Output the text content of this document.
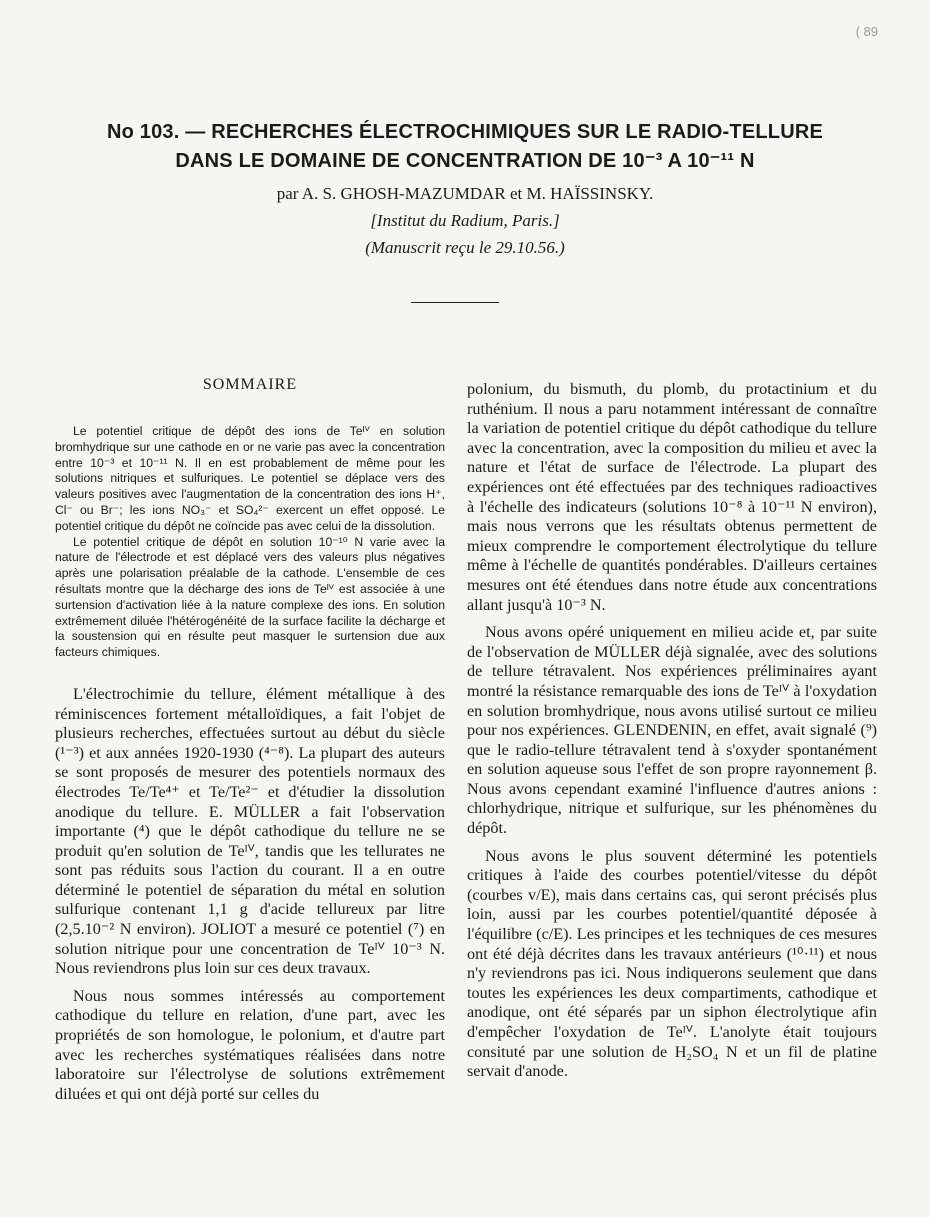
( 89
No 103. — RECHERCHES ÉLECTROCHIMIQUES SUR LE RADIO-TELLURE
DANS LE DOMAINE DE CONCENTRATION DE 10⁻³ A 10⁻¹¹ N
par A. S. GHOSH-MAZUMDAR et M. HAÏSSINSKY.
[Institut du Radium, Paris.]
(Manuscrit reçu le 29.10.56.)
SOMMAIRE

Le potentiel critique de dépôt des ions de Teᴵⱽ en solution bromhydrique sur une cathode en or ne varie pas avec la concentration entre 10⁻³ et 10⁻¹¹ N. Il en est probablement de même pour les solutions nitriques et sulfuriques. Le potentiel se déplace vers des valeurs positives avec l'augmentation de la concentration des ions H⁺, Cl⁻ ou Br⁻; les ions NO₃⁻ et SO₄²⁻ exercent un effet opposé. Le potentiel critique du dépôt ne coïncide pas avec celui de la dissolution.

Le potentiel critique de dépôt en solution 10⁻¹⁰ N varie avec la nature de l'électrode et est déplacé vers des valeurs plus négatives après une polarisation préalable de la cathode. L'ensemble de ces résultats montre que la décharge des ions de Teᴵⱽ est associée à une surtension d'activation liée à la nature complexe des ions. En solution extrêmement diluée l'hétérogénéité de la surface facilite la décharge et la soustension qui en résulte peut masquer le surtension due aux facteurs chimiques.

L'électrochimie du tellure, élément métallique à des réminiscences fortement métalloïdiques, a fait l'objet de plusieurs recherches, effectuées surtout au début du siècle (¹⁻³) et aux années 1920-1930 (⁴⁻⁸). La plupart des auteurs se sont proposés de mesurer des potentiels normaux des électrodes Te/Te⁴⁺ et Te/Te²⁻ et d'étudier la dissolution anodique du tellure. E. MÜLLER a fait l'observation importante (⁴) que le dépôt cathodique du tellure ne se produit qu'en solution de Teᴵⱽ, tandis que les tellurates ne sont pas réduits sous l'action du courant. Il a en outre déterminé le potentiel de séparation du métal en solution sulfurique contenant 1,1 g d'acide tellureux par litre (2,5.10⁻² N environ). JOLIOT a mesuré ce potentiel (⁷) en solution nitrique pour une concentration de Teᴵⱽ 10⁻³ N. Nous reviendrons plus loin sur ces deux travaux.

Nous nous sommes intéressés au comportement cathodique du tellure en relation, d'une part, avec les propriétés de son homologue, le polonium, et d'autre part avec les recherches systématiques réalisées dans notre laboratoire sur l'électrolyse de solutions extrêmement diluées et qui ont déjà porté sur celles du

polonium, du bismuth, du plomb, du protactinium et du ruthénium. Il nous a paru notamment intéressant de connaître la variation de potentiel critique du dépôt cathodique du tellure avec la concentration, avec la composition du milieu et avec la nature et l'état de surface de l'électrode. La plupart des expériences ont été effectuées par des techniques radioactives à l'échelle des indicateurs (solutions 10⁻⁸ à 10⁻¹¹ N environ), mais nous verrons que les résultats obtenus permettent de mieux comprendre le comportement électrolytique du tellure même à l'échelle de quantités pondérables. D'ailleurs certaines mesures ont été étendues dans notre étude aux concentrations allant jusqu'à 10⁻³ N.

Nous avons opéré uniquement en milieu acide et, par suite de l'observation de MÜLLER déjà signalée, avec des solutions de tellure tétravalent. Nos expériences préliminaires ayant montré la résistance remarquable des ions de Teᴵⱽ à l'oxydation en solution bromhydrique, nous avons utilisé surtout ce milieu pour nos expériences. GLENDENIN, en effet, avait signalé (⁹) que le radio-tellure tétravalent tend à s'oxyder spontanément en solution aqueuse sous l'effet de son propre rayonnement β. Nous avons cependant examiné l'influence d'autres anions : chlorhydrique, nitrique et sulfurique, sur les phénomènes du dépôt.

Nous avons le plus souvent déterminé les potentiels critiques à l'aide des courbes potentiel/vitesse du dépôt (courbes v/E), mais dans certains cas, qui seront précisés plus loin, aussi par les courbes potentiel/quantité déposée à l'équilibre (c/E). Les principes et les techniques de ces mesures ont été déjà décrites dans les travaux antérieurs (¹⁰·¹¹) et nous n'y reviendrons pas ici. Nous indiquerons seulement que dans toutes les expériences les deux compartiments, cathodique et anodique, ont été séparés par un siphon électrolytique afin d'empêcher l'oxydation de Teᴵⱽ. L'anolyte était toujours consituté par une solution de H₂SO₄ N et un fil de platine servait d'anode.
